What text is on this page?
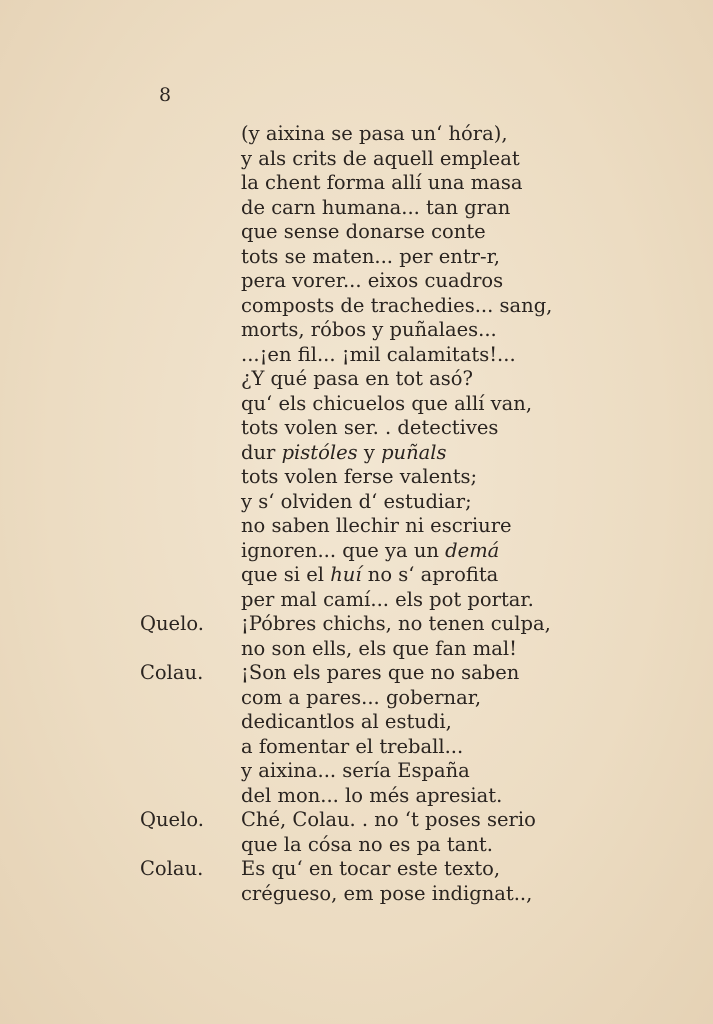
8

(y aixina se pasa un‘ hóra),
y als crits de aquell empleat
la chent forma allí una masa
de carn humana... tan gran
que sense donarse conte
tots se maten... per entr-r,
pera vorer... eixos cuadros
composts de trachedies... sang,
morts, róbos y puñalaes...
...¡en fil... ¡mil calamitats!...
¿Y qué pasa en tot asó?
qu‘ els chicuelos que allí van,
tots volen ser. . detectives
dur pistóles y puñals
tots volen ferse valents;
y s‘ olviden d‘ estudiar;
no saben llechir ni escriure
ignoren... que ya un demá
que si el huí no s‘ aprofita
per mal camí... els pot portar.
Quelo.	¡Póbres chichs, no tenen culpa,
no son ells, els que fan mal!
Colau.	¡Son els pares que no saben
com a pares... gobernar,
dedicantlos al estudi,
a fomentar el treball...
y aixina... sería España
del mon... lo més apresiat.
Quelo.	Ché, Colau. . no ‘t poses serio
que la cósa no es pa tant.
Colau.	Es qu‘ en tocar este texto,
crégueso, em pose indignat..,
